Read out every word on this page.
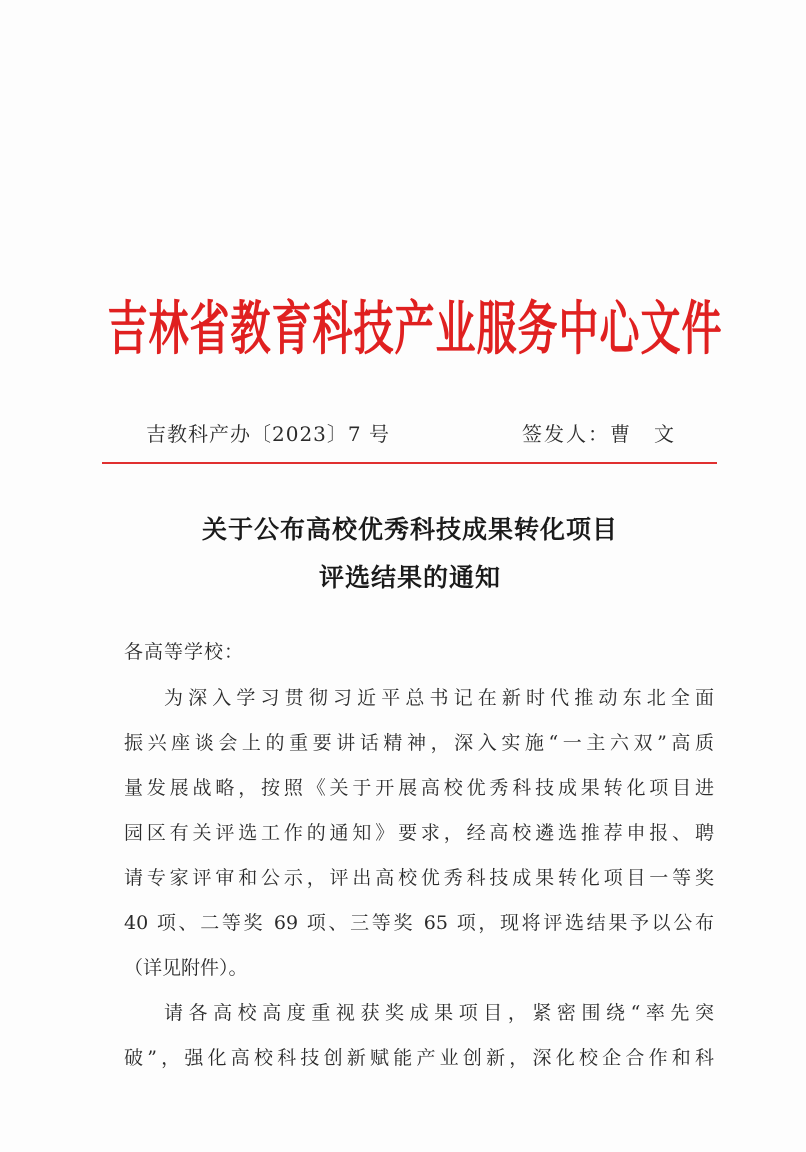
吉林省教育科技产业服务中心文件
吉教科产办〔2023〕7 号	签发人：曹　文
关于公布高校优秀科技成果转化项目
评选结果的通知
各高等学校：
为深入学习贯彻习近平总书记在新时代推动东北全面
振兴座谈会上的重要讲话精神，深入实施“一主六双”高质
量发展战略，按照《关于开展高校优秀科技成果转化项目进
园区有关评选工作的通知》要求，经高校遴选推荐申报、聘
请专家评审和公示，评出高校优秀科技成果转化项目一等奖
40 项、二等奖 69 项、三等奖 65 项，现将评选结果予以公布
（详见附件）。
请各高校高度重视获奖成果项目，紧密围绕“率先突
破”，强化高校科技创新赋能产业创新，深化校企合作和科
